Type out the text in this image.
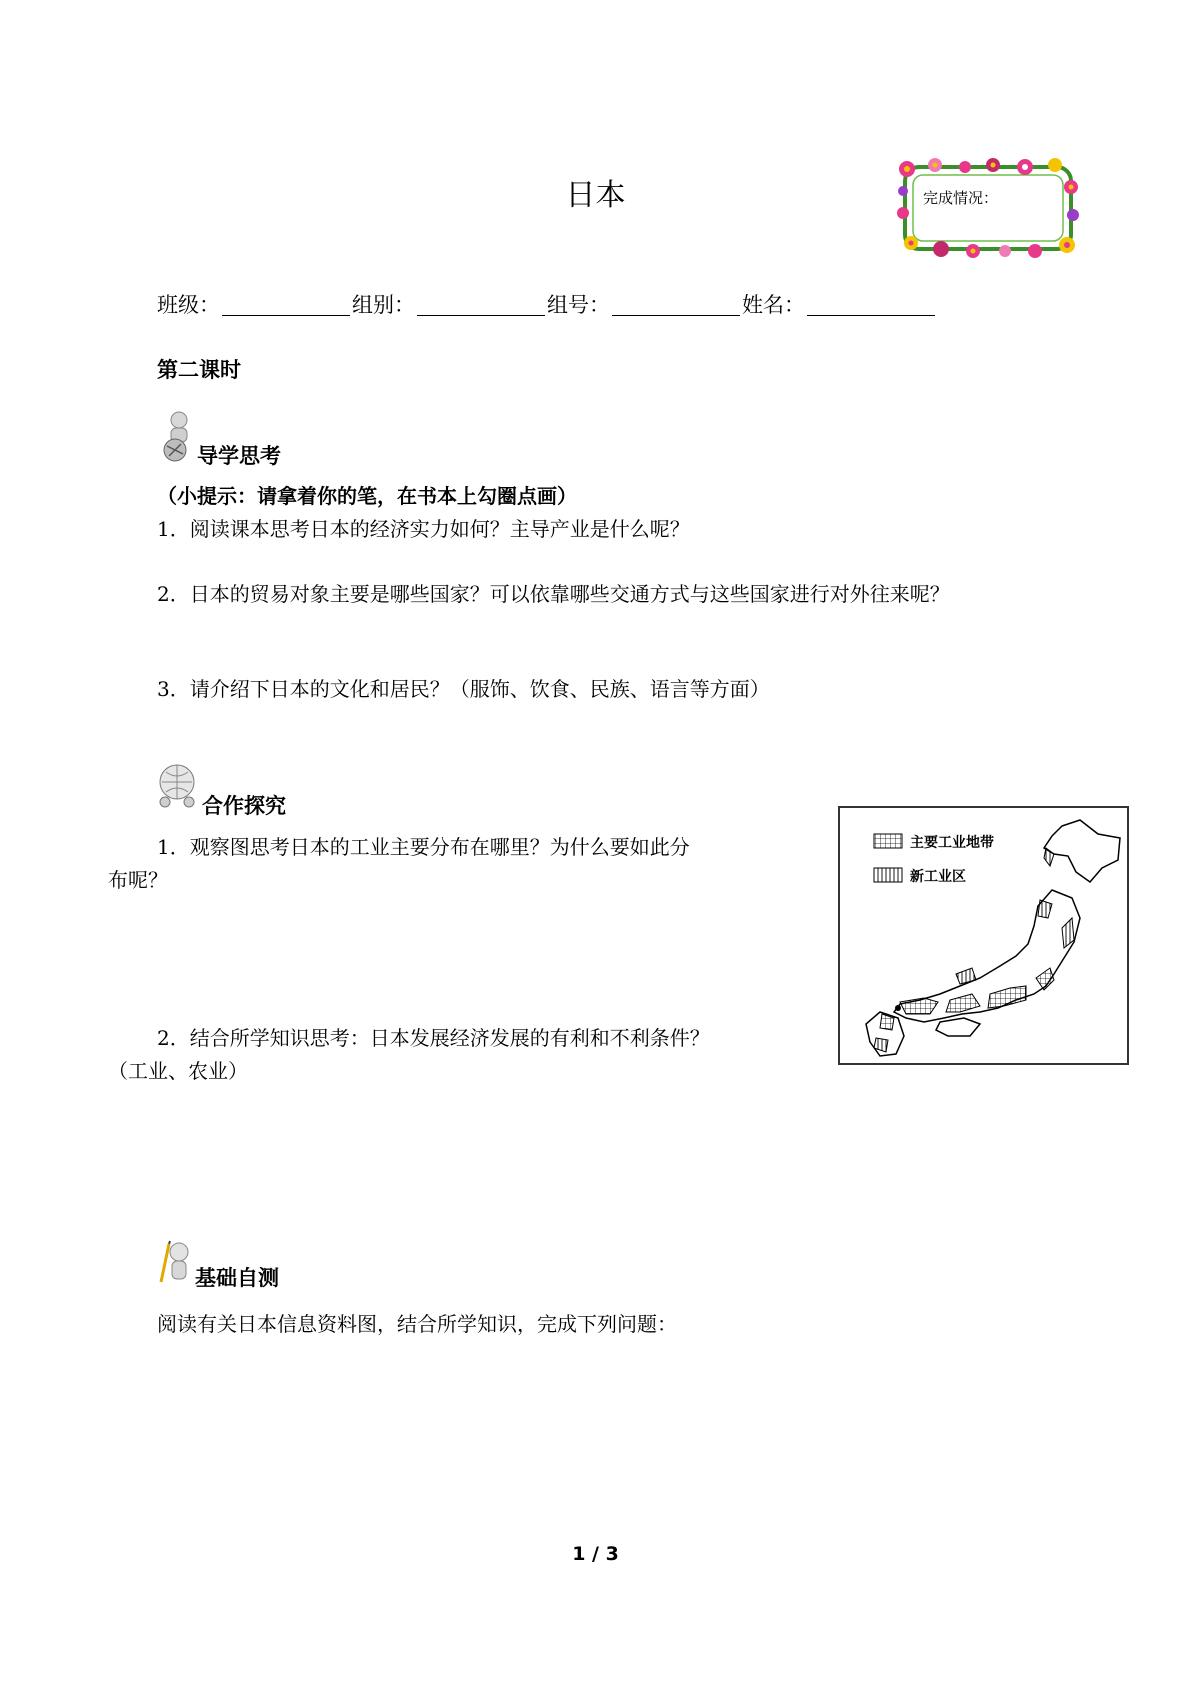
日本	完成情况：
班级：	组别：	组号：	姓名：
第二课时
导学思考
（小提示：请拿着你的笔，在书本上勾圈点画）
1．阅读课本思考日本的经济实力如何？主导产业是什么呢？
2．日本的贸易对象主要是哪些国家？可以依靠哪些交通方式与这些国家进行对外往来呢？
3．请介绍下日本的文化和居民？（服饰、饮食、民族、语言等方面）
合作探究
1．观察图思考日本的工业主要分布在哪里？为什么要如此分
布呢？
2．结合所学知识思考：日本发展经济发展的有利和不利条件？
（工业、农业）
主要工业地带
新工业区
基础自测
阅读有关日本信息资料图，结合所学知识，完成下列问题：
1 / 3
